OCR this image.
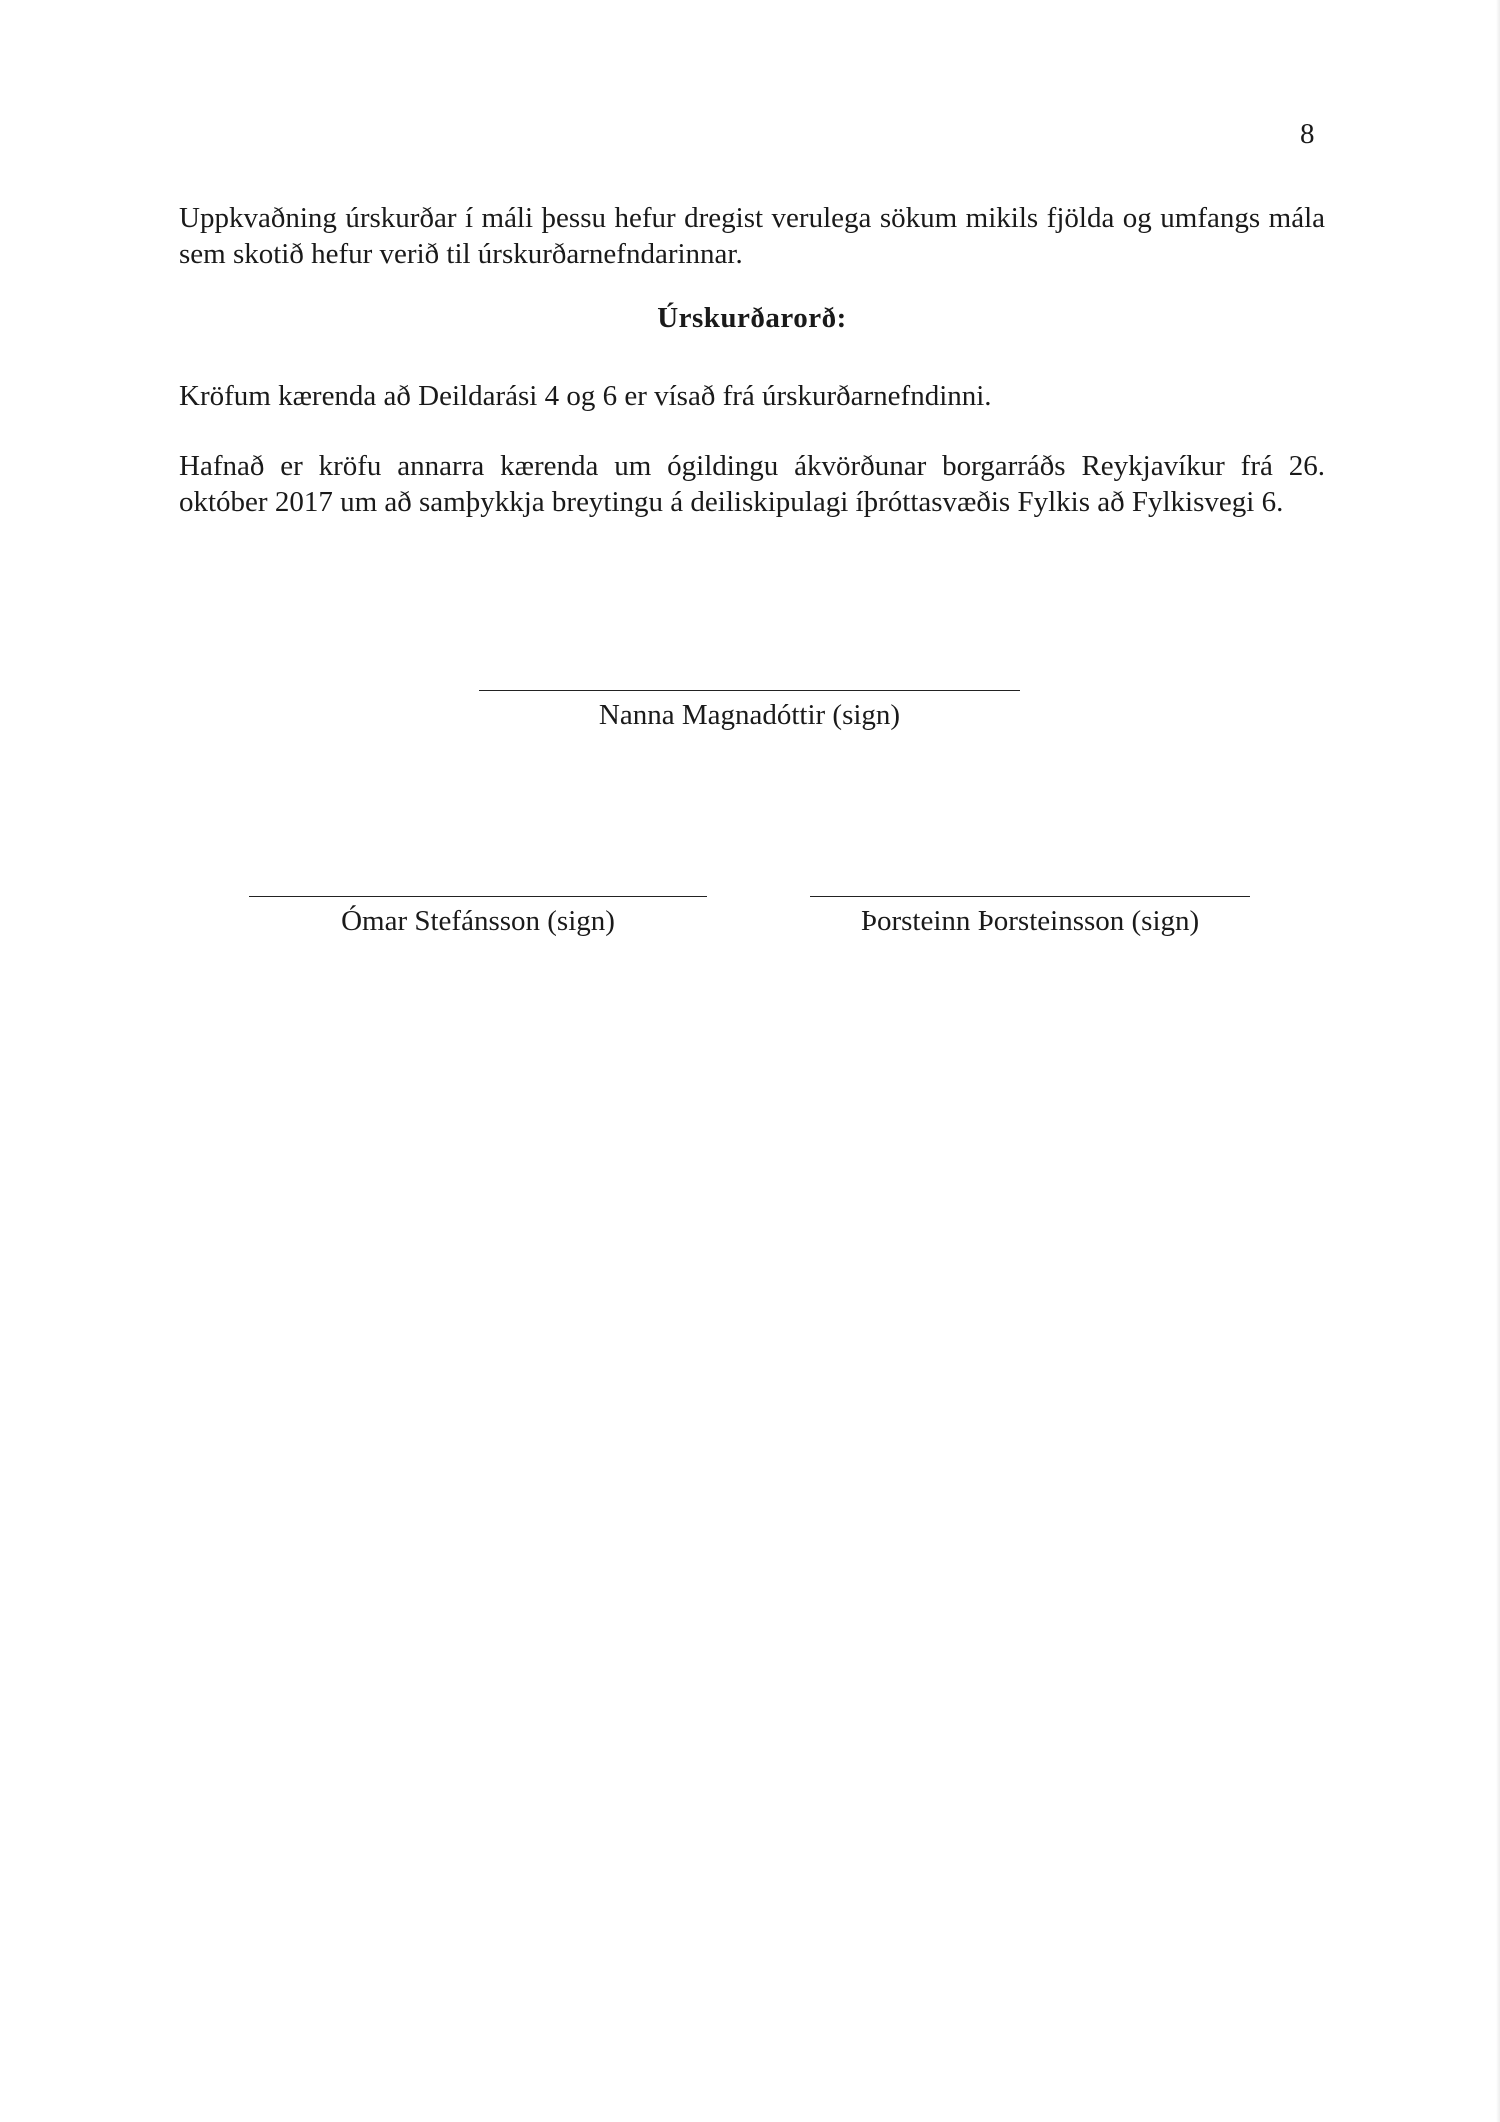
8

Uppkvaðning úrskurðar í máli þessu hefur dregist verulega sökum mikils fjölda og umfangs mála sem skotið hefur verið til úrskurðarnefndarinnar.

Úrskurðarorð:

Kröfum kærenda að Deildarási 4 og 6 er vísað frá úrskurðarnefndinni.

Hafnað er kröfu annarra kærenda um ógildingu ákvörðunar borgarráðs Reykjavíkur frá 26. október 2017 um að samþykkja breytingu á deiliskipulagi íþróttasvæðis Fylkis að Fylkisvegi 6.

Nanna Magnadóttir (sign)
Ómar Stefánsson (sign)	Þorsteinn Þorsteinsson (sign)
